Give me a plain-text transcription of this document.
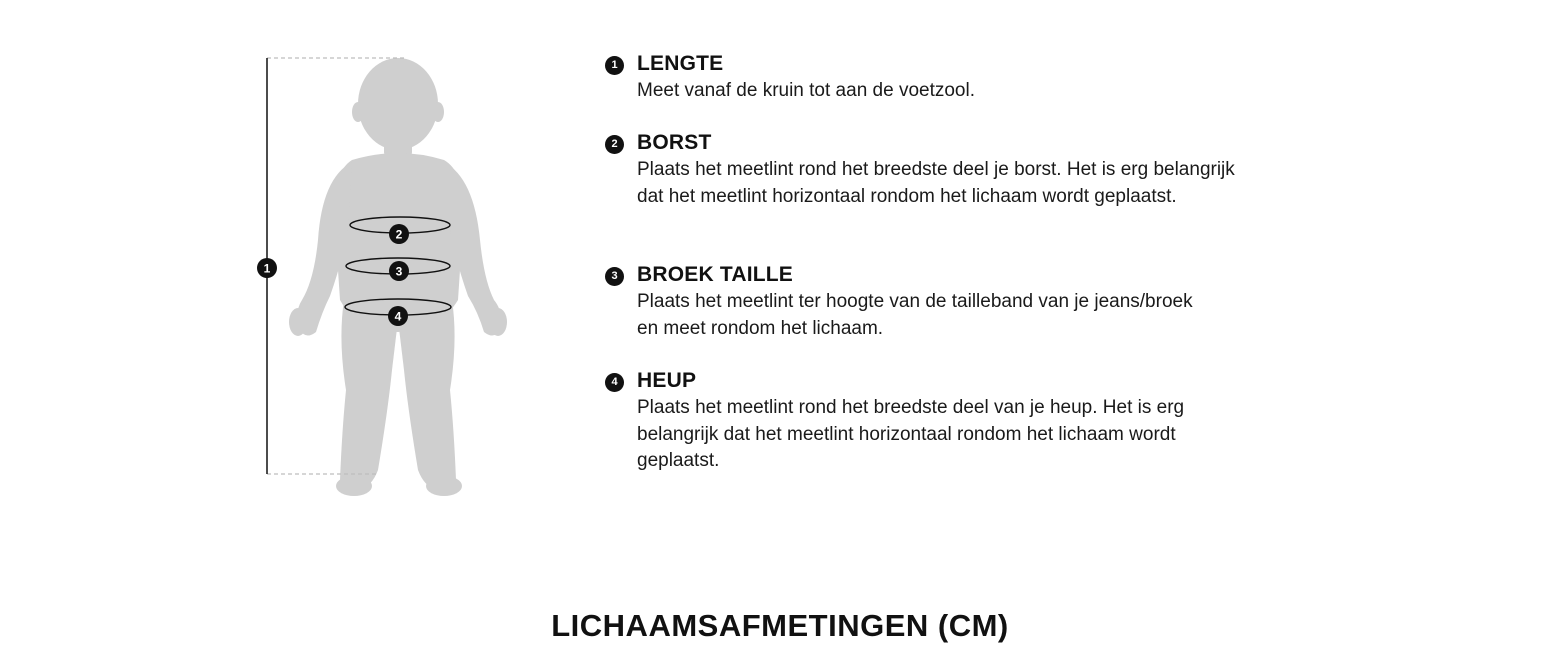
1
2
3
4
1 LENGTE
Meet vanaf de kruin tot aan de voetzool.
2 BORST
Plaats het meetlint rond het breedste deel je borst. Het is erg belangrijk dat het meetlint horizontaal rondom het lichaam wordt geplaatst.
3 BROEK TAILLE
Plaats het meetlint ter hoogte van de tailleband van je jeans/broek en meet rondom het lichaam.
4 HEUP
Plaats het meetlint rond het breedste deel van je heup. Het is erg belangrijk dat het meetlint horizontaal rondom het lichaam wordt geplaatst.
LICHAAMSAFMETINGEN (CM)
